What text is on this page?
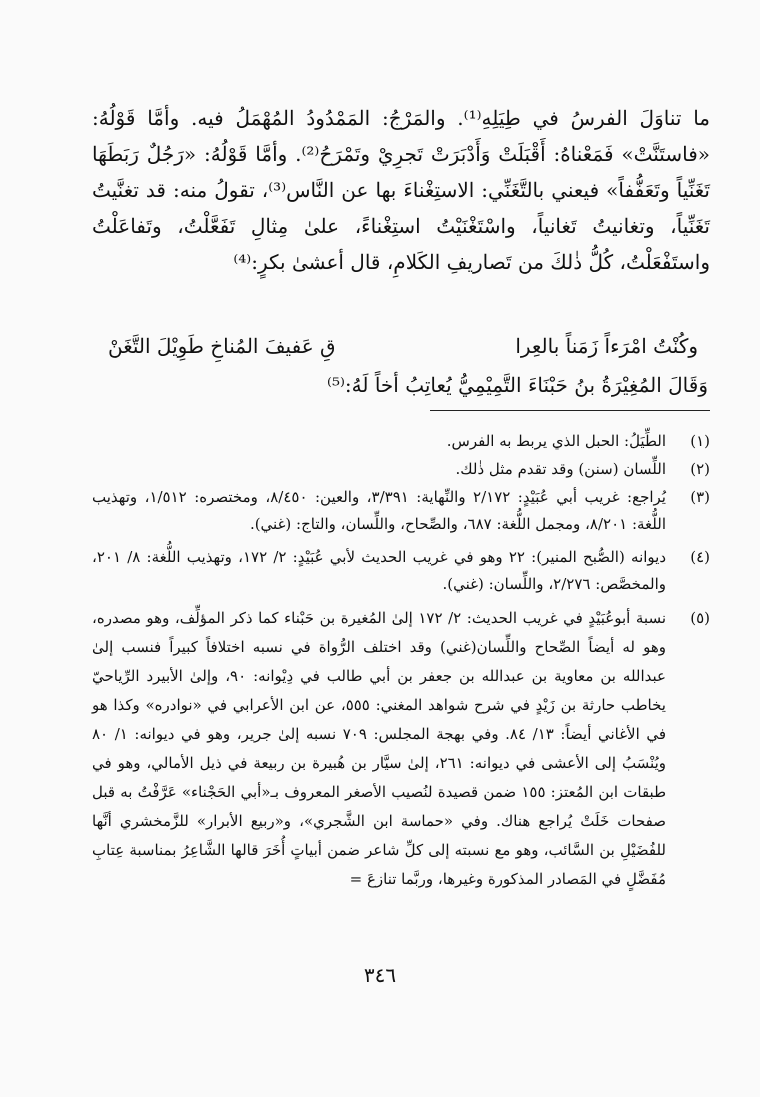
ما تناوَلَ الفرسُ في طِيَلِهِ⁽¹⁾. والمَرْجُ: المَمْدُودُ المُهْمَلُ فيه. وأمَّا قَوْلُهُ: «فاستَنَّتْ» فَمَعْناهُ: أَقْبَلَتْ وَأَدْبَرَتْ تَجرِيْ وتَمْرَحُ⁽²⁾. وأمَّا قَوْلُهُ: «رَجُلٌ رَبَطَهَا تَغَنِّياً وتَعَفُّفاً» فيعني بالتَّغَنِّي: الاستِغْناءَ بها عن النَّاس⁽³⁾، تقولُ منه: قد تغنَّيتُ تَغَنِّياً، وتغانيتُ تَغانياً، واسْتَغْنَيْتُ استِغْناءً، علىٰ مِثالِ تَفَعَّلْتُ، وتَفاعَلْتُ واستَفْعَلْتُ، كُلُّ ذٰلكَ من تَصاريفِ الكَلامِ، قال أعشىٰ بكرٍ:⁽⁴⁾

وكُنْتُ امْرَءاً زَمَناً بالعِرا
قِ عَفيفَ المُناخِ طَوِيْلَ التَّغَنْ
وَقَالَ المُغِيْرَةُ بنُ حَبْنَاءَ التَّمِيْمِيُّ يُعاتِبُ أخاً لَهُ:⁽⁵⁾
(١)
الطِّيَلُ: الحبل الذي يربط به الفرس.
(٢)
اللِّسان (سنن) وقد تقدم مثل ذٰلك.
(٣)
يُراجع: غريب أبي عُبَيْدٍ: ٢/١٧٢ والنِّهاية: ٣/٣٩١، والعين: ٨/٤٥٠، ومختصره: ١/٥١٢، وتهذيب اللُّغة: ٨/٢٠١، ومجمل اللُّغة: ٦٨٧، والصِّحاح، واللِّسان، والتاج: (غني).
(٤)
ديوانه (الصُّبح المنير): ٢٢ وهو في غريب الحديث لأبي عُبَيْدٍ: ٢/ ١٧٢، وتهذيب اللُّغة: ٨/ ٢٠١، والمخصَّص: ٢/٢٧٦، واللِّسان: (غني).
(٥)
نسبة أبوعُبَيْدٍ في غريب الحديث: ٢/ ١٧٢ إلىٰ المُغيرة بن حَبْناء كما ذكر المؤلِّف، وهو مصدره، وهو له أيضاً الصِّحاح واللِّسان(غني) وقد اختلف الرُّواة في نسبه اختلافاً كبيراً فنسب إلىٰ عبدالله بن معاوية بن عبدالله بن جعفر بن أبي طالب في دِيْوانه: ٩٠، وإلىٰ الأبيرد الرِّياحيّ يخاطب حارثة بن زَيْدٍ في شرح شواهد المغني: ٥٥٥، عن ابن الأعرابي في «نوادره» وكذا هو في الأغاني أيضاً: ١٣/ ٨٤. وفي بهجة المجلس: ٧٠٩ نسبه إلىٰ جرير، وهو في ديوانه: ١/ ٨٠ ويُنْسَبُ إلى الأعشى في ديوانه: ٢٦١، إلىٰ سيَّار بن هُبيرة بن ربيعة في ذيل الأمالي، وهو في طبقات ابن المُعتز: ١٥٥ ضمن قصيدة لنُصيب الأصغر المعروف بـ«أبي الحَجْناء» عَرَّفْتُ به قبل صفحات خَلَتْ يُراجع هناك. وفي «حماسة ابن الشَّجري»، و«ربيع الأبرار» للزَّمخشري أنَّها للفُضَيْلِ بن السَّائب، وهو مع نسبته إلى كلِّ شاعر ضمن أبياتٍ أُخَرَ قالها الشَّاعِرُ بمناسبة عِتابِ مُفَضَّلٍ في المَصادر المذكورة وغيرها، وربَّما تنازعَ =
٣٤٦
